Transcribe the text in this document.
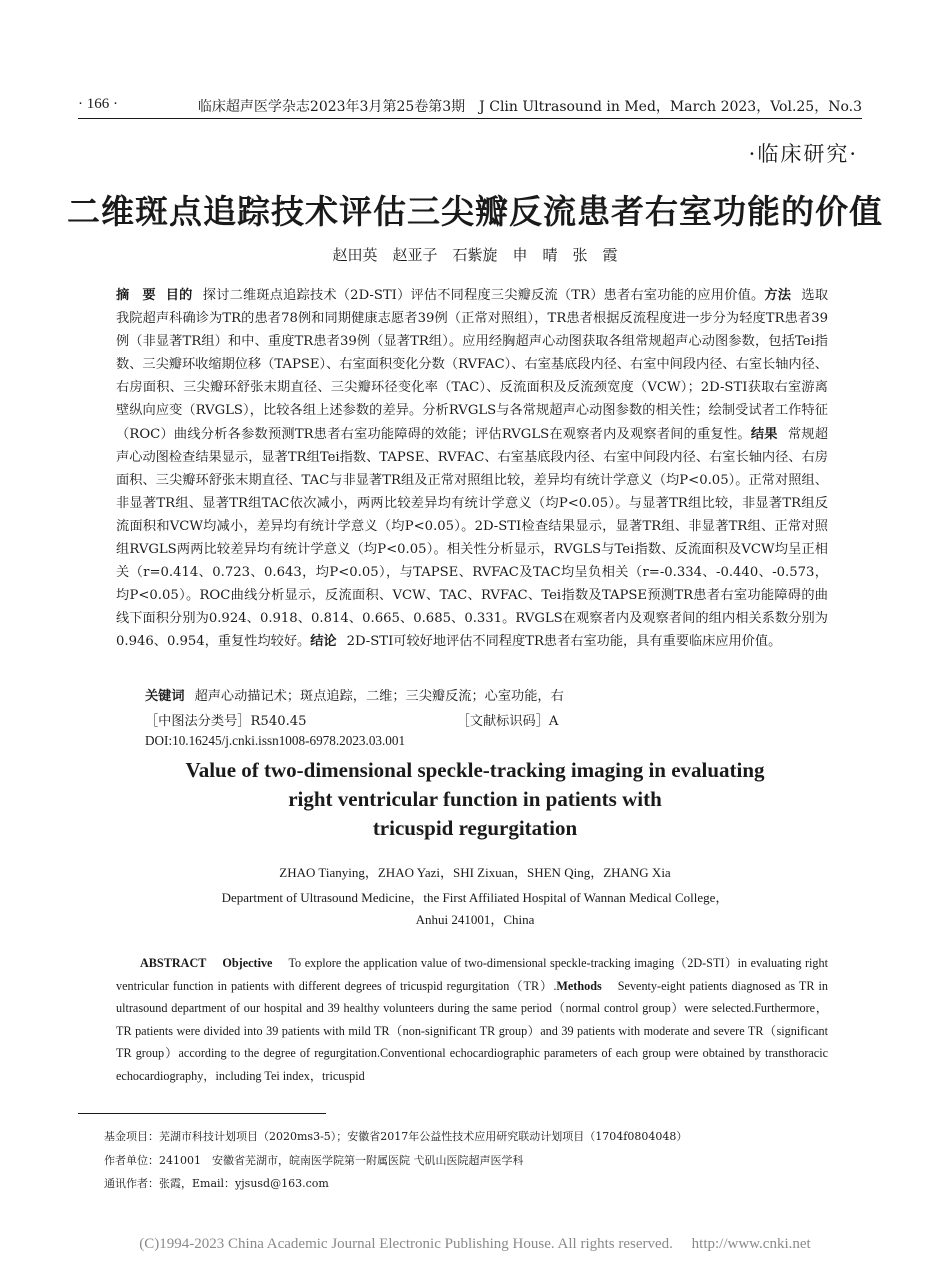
· 166 ·	临床超声医学杂志2023年3月第25卷第3期　J Clin Ultrasound in Med，March 2023，Vol.25，No.3
·临床研究·
二维斑点追踪技术评估三尖瓣反流患者右室功能的价值
赵田英　赵亚子　石紫旋　申　晴　张　霞
摘　要 目的 探讨二维斑点追踪技术（2D-STI）评估不同程度三尖瓣反流（TR）患者右室功能的应用价值。方法 选取我院超声科确诊为TR的患者78例和同期健康志愿者39例（正常对照组），TR患者根据反流程度进一步分为轻度TR患者39例（非显著TR组）和中、重度TR患者39例（显著TR组）。应用经胸超声心动图获取各组常规超声心动图参数，包括Tei指数、三尖瓣环收缩期位移（TAPSE）、右室面积变化分数（RVFAC）、右室基底段内径、右室中间段内径、右室长轴内径、右房面积、三尖瓣环舒张末期直径、三尖瓣环径变化率（TAC）、反流面积及反流颈宽度（VCW）；2D-STI获取右室游离壁纵向应变（RVGLS），比较各组上述参数的差异。分析RVGLS与各常规超声心动图参数的相关性；绘制受试者工作特征（ROC）曲线分析各参数预测TR患者右室功能障碍的效能；评估RVGLS在观察者内及观察者间的重复性。结果 常规超声心动图检查结果显示，显著TR组Tei指数、TAPSE、RVFAC、右室基底段内径、右室中间段内径、右室长轴内径、右房面积、三尖瓣环舒张末期直径、TAC与非显著TR组及正常对照组比较，差异均有统计学意义（均P<0.05）。正常对照组、非显著TR组、显著TR组TAC依次减小，两两比较差异均有统计学意义（均P<0.05）。与显著TR组比较，非显著TR组反流面积和VCW均减小，差异均有统计学意义（均P<0.05）。2D-STI检查结果显示，显著TR组、非显著TR组、正常对照组RVGLS两两比较差异均有统计学意义（均P<0.05）。相关性分析显示，RVGLS与Tei指数、反流面积及VCW均呈正相关（r=0.414、0.723、0.643，均P<0.05），与TAPSE、RVFAC及TAC均呈负相关（r=-0.334、-0.440、-0.573，均P<0.05）。ROC曲线分析显示，反流面积、VCW、TAC、RVFAC、Tei指数及TAPSE预测TR患者右室功能障碍的曲线下面积分别为0.924、0.918、0.814、0.665、0.685、0.331。RVGLS在观察者内及观察者间的组内相关系数分别为0.946、0.954，重复性均较好。结论 2D-STI可较好地评估不同程度TR患者右室功能，具有重要临床应用价值。
关键词 超声心动描记术；斑点追踪，二维；三尖瓣反流；心室功能，右
［中图法分类号］R540.45	［文献标识码］A
DOI:10.16245/j.cnki.issn1008-6978.2023.03.001
Value of two-dimensional speckle-tracking imaging in evaluating
right ventricular function in patients with
tricuspid regurgitation
ZHAO Tianying，ZHAO Yazi，SHI Zixuan，SHEN Qing，ZHANG Xia
Department of Ultrasound Medicine，the First Affiliated Hospital of Wannan Medical College，
Anhui 241001，China
ABSTRACT Objective To explore the application value of two-dimensional speckle-tracking imaging（2D-STI）in evaluating right ventricular function in patients with different degrees of tricuspid regurgitation（TR）.Methods Seventy-eight patients diagnosed as TR in ultrasound department of our hospital and 39 healthy volunteers during the same period（normal control group）were selected.Furthermore，TR patients were divided into 39 patients with mild TR（non-significant TR group）and 39 patients with moderate and severe TR（significant TR group）according to the degree of regurgitation.Conventional echocardiographic parameters of each group were obtained by transthoracic echocardiography，including Tei index，tricuspid
基金项目：芜湖市科技计划项目（2020ms3-5）；安徽省2017年公益性技术应用研究联动计划项目（1704f0804048）
作者单位：241001　安徽省芜湖市，皖南医学院第一附属医院 弋矶山医院超声医学科
通讯作者：张霞，Email：yjsusd@163.com
(C)1994-2023 China Academic Journal Electronic Publishing House. All rights reserved.　 http://www.cnki.net
